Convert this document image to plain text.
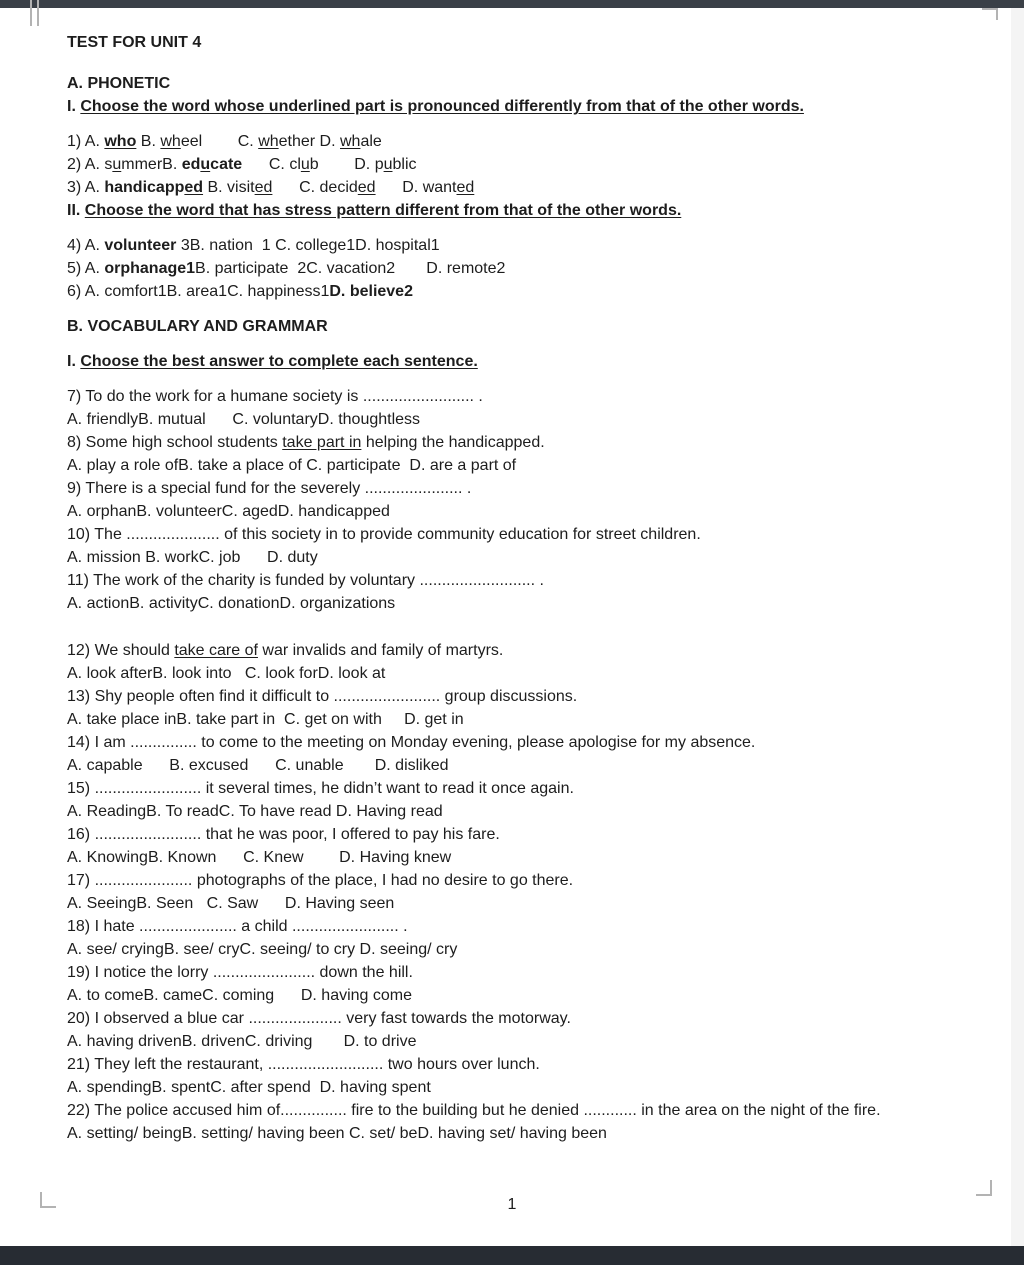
TEST FOR UNIT 4
A. PHONETIC
I. Choose the word whose underlined part is pronounced differently from that of the other words.
1) A. who B. wheel        C. whether D. whale
2) A. summerB. educate      C. club        D. public
3) A. handicapped B. visited      C. decided      D. wanted
II. Choose the word that has stress pattern different from that of the other words.
4) A. volunteer 3B. nation  1 C. college1D. hospital1
5) A. orphanage1B. participate  2C. vacation2       D. remote2
6) A. comfort1B. area1C. happiness1D. believe2
B. VOCABULARY AND GRAMMAR
I. Choose the best answer to complete each sentence.
7) To do the work for a humane society is ......................... .
A. friendlyB. mutual      C. voluntaryD. thoughtless
8) Some high school students take part in helping the handicapped.
A. play a role ofB. take a place of C. participate  D. are a part of
9) There is a special fund for the severely ...................... .
A. orphanB. volunteerC. agedD. handicapped
10) The ..................... of this society in to provide community education for street children.
A. mission B. workC. job      D. duty
11) The work of the charity is funded by voluntary .......................... .
A. actionB. activityC. donationD. organizations
12) We should take care of war invalids and family of martyrs.
A. look afterB. look into   C. look forD. look at
13) Shy people often find it difficult to ........................ group discussions.
A. take place inB. take part in  C. get on with     D. get in
14) I am ............... to come to the meeting on Monday evening, please apologise for my absence.
A. capable      B. excused      C. unable       D. disliked
15) ........................ it several times, he didn’t want to read it once again.
A. ReadingB. To readC. To have read D. Having read
16) ........................ that he was poor, I offered to pay his fare.
A. KnowingB. Known      C. Knew        D. Having knew
17) ...................... photographs of the place, I had no desire to go there.
A. SeeingB. Seen   C. Saw      D. Having seen
18) I hate ...................... a child ........................ .
A. see/ cryingB. see/ cryC. seeing/ to cry D. seeing/ cry
19) I notice the lorry ....................... down the hill.
A. to comeB. cameC. coming      D. having come
20) I observed a blue car ..................... very fast towards the motorway.
A. having drivenB. drivenC. driving       D. to drive
21) They left the restaurant, .......................... two hours over lunch.
A. spendingB. spentC. after spend  D. having spent
22) The police accused him of............... fire to the building but he denied ............ in the area on the night of the fire.
A. setting/ beingB. setting/ having been C. set/ beD. having set/ having been
1
